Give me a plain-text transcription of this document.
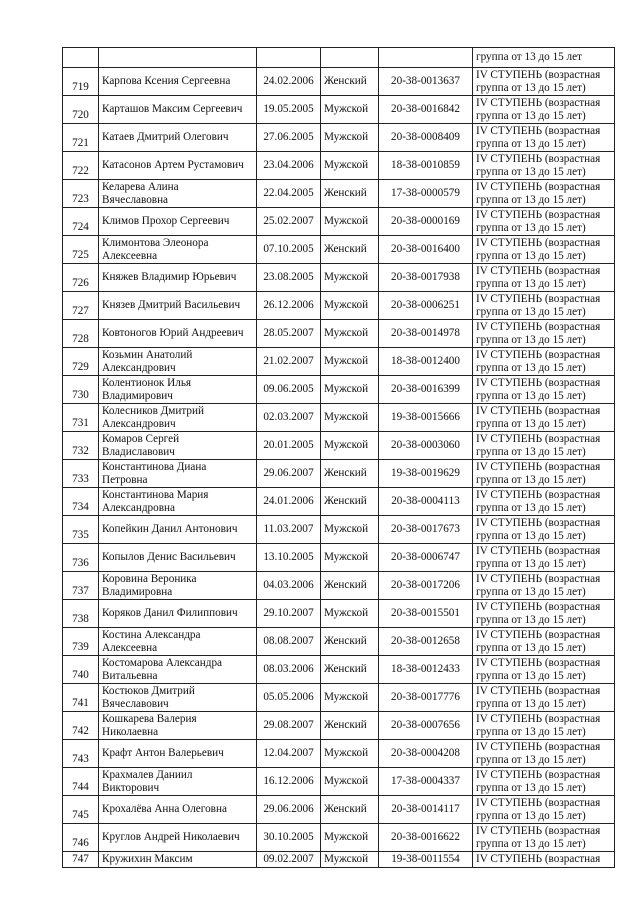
					группа от 13 до 15 лет
719	Карпова Ксения Сергеевна	24.02.2006	Женский	20-38-0013637	IV СТУПЕНЬ (возрастная
группа от 13 до 15 лет)
720	Карташов Максим Сергеевич	19.05.2005	Мужской	20-38-0016842	IV СТУПЕНЬ (возрастная
группа от 13 до 15 лет)
721	Катаев Дмитрий Олегович	27.06.2005	Мужской	20-38-0008409	IV СТУПЕНЬ (возрастная
группа от 13 до 15 лет)
722	Катасонов Артем Рустамович	23.04.2006	Мужской	18-38-0010859	IV СТУПЕНЬ (возрастная
группа от 13 до 15 лет)
723	Келарева Алина
Вячеславовна	22.04.2005	Женский	17-38-0000579	IV СТУПЕНЬ (возрастная
группа от 13 до 15 лет)
724	Климов Прохор Сергеевич	25.02.2007	Мужской	20-38-0000169	IV СТУПЕНЬ (возрастная
группа от 13 до 15 лет)
725	Климонтова Элеонора
Алексеевна	07.10.2005	Женский	20-38-0016400	IV СТУПЕНЬ (возрастная
группа от 13 до 15 лет)
726	Княжев Владимир Юрьевич	23.08.2005	Мужской	20-38-0017938	IV СТУПЕНЬ (возрастная
группа от 13 до 15 лет)
727	Князев Дмитрий Васильевич	26.12.2006	Мужской	20-38-0006251	IV СТУПЕНЬ (возрастная
группа от 13 до 15 лет)
728	Ковтоногов Юрий Андреевич	28.05.2007	Мужской	20-38-0014978	IV СТУПЕНЬ (возрастная
группа от 13 до 15 лет)
729	Козьмин Анатолий
Александрович	21.02.2007	Мужской	18-38-0012400	IV СТУПЕНЬ (возрастная
группа от 13 до 15 лет)
730	Колентионок Илья
Владимирович	09.06.2005	Мужской	20-38-0016399	IV СТУПЕНЬ (возрастная
группа от 13 до 15 лет)
731	Колесников Дмитрий
Александрович	02.03.2007	Мужской	19-38-0015666	IV СТУПЕНЬ (возрастная
группа от 13 до 15 лет)
732	Комаров Сергей
Владиславович	20.01.2005	Мужской	20-38-0003060	IV СТУПЕНЬ (возрастная
группа от 13 до 15 лет)
733	Константинова Диана
Петровна	29.06.2007	Женский	19-38-0019629	IV СТУПЕНЬ (возрастная
группа от 13 до 15 лет)
734	Константинова Мария
Александровна	24.01.2006	Женский	20-38-0004113	IV СТУПЕНЬ (возрастная
группа от 13 до 15 лет)
735	Копейкин Данил Антонович	11.03.2007	Мужской	20-38-0017673	IV СТУПЕНЬ (возрастная
группа от 13 до 15 лет)
736	Копылов Денис Васильевич	13.10.2005	Мужской	20-38-0006747	IV СТУПЕНЬ (возрастная
группа от 13 до 15 лет)
737	Коровина Вероника
Владимировна	04.03.2006	Женский	20-38-0017206	IV СТУПЕНЬ (возрастная
группа от 13 до 15 лет)
738	Коряков Данил Филиппович	29.10.2007	Мужской	20-38-0015501	IV СТУПЕНЬ (возрастная
группа от 13 до 15 лет)
739	Костина Александра
Алексеевна	08.08.2007	Женский	20-38-0012658	IV СТУПЕНЬ (возрастная
группа от 13 до 15 лет)
740	Костомарова Александра
Витальевна	08.03.2006	Женский	18-38-0012433	IV СТУПЕНЬ (возрастная
группа от 13 до 15 лет)
741	Костюков Дмитрий
Вячеславович	05.05.2006	Мужской	20-38-0017776	IV СТУПЕНЬ (возрастная
группа от 13 до 15 лет)
742	Кошкарева Валерия
Николаевна	29.08.2007	Женский	20-38-0007656	IV СТУПЕНЬ (возрастная
группа от 13 до 15 лет)
743	Крафт Антон Валерьевич	12.04.2007	Мужской	20-38-0004208	IV СТУПЕНЬ (возрастная
группа от 13 до 15 лет)
744	Крахмалев Даниил
Викторович	16.12.2006	Мужской	17-38-0004337	IV СТУПЕНЬ (возрастная
группа от 13 до 15 лет)
745	Крохалёва Анна Олеговна	29.06.2006	Женский	20-38-0014117	IV СТУПЕНЬ (возрастная
группа от 13 до 15 лет)
746	Круглов Андрей Николаевич	30.10.2005	Мужской	20-38-0016622	IV СТУПЕНЬ (возрастная
группа от 13 до 15 лет)
747	Кружихин Максим	09.02.2007	Мужской	19-38-0011554	IV СТУПЕНЬ (возрастная
